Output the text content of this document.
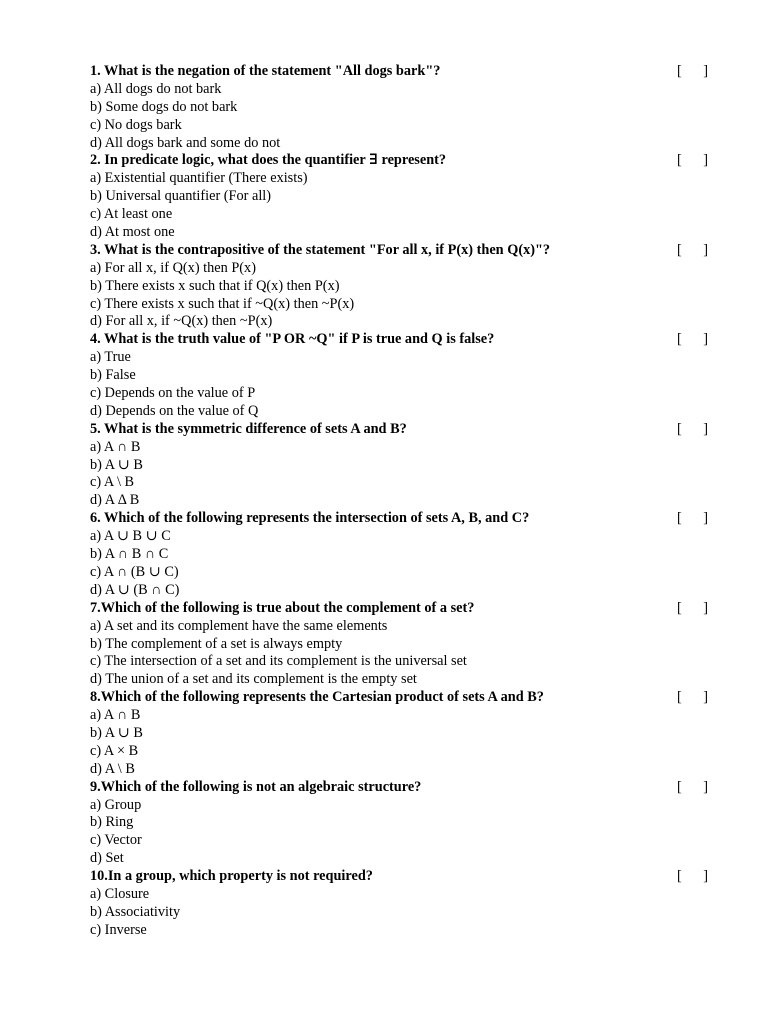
1. What is the negation of the statement "All dogs bark"?	[      ]
a) All dogs do not bark
b) Some dogs do not bark
c) No dogs bark
d) All dogs bark and some do not
2. In predicate logic, what does the quantifier ∃ represent?	[      ]
a) Existential quantifier (There exists)
b) Universal quantifier (For all)
c) At least one
d) At most one
3. What is the contrapositive of the statement "For all x, if P(x) then Q(x)"?	[      ]
a) For all x, if Q(x) then P(x)
b) There exists x such that if Q(x) then P(x)
c) There exists x such that if ~Q(x) then ~P(x)
d) For all x, if ~Q(x) then ~P(x)
4. What is the truth value of "P OR ~Q" if P is true and Q is false?	[      ]
a) True
b) False
c) Depends on the value of P
d) Depends on the value of Q
5. What is the symmetric difference of sets A and B?	[      ]
a) A ∩ B
b) A ∪ B
c) A \ B
d) A Δ B
6. Which of the following represents the intersection of sets A, B, and C?	[      ]
a) A ∪ B ∪ C
b) A ∩ B ∩ C
c) A ∩ (B ∪ C)
d) A ∪ (B ∩ C)
7.Which of the following is true about the complement of a set?	[      ]
a) A set and its complement have the same elements
b) The complement of a set is always empty
c) The intersection of a set and its complement is the universal set
d) The union of a set and its complement is the empty set
8.Which of the following represents the Cartesian product of sets A and B?	[      ]
a) A ∩ B
b) A ∪ B
c) A × B
d) A \ B
9.Which of the following is not an algebraic structure?	[      ]
a) Group
b) Ring
c) Vector
d) Set
10.In a group, which property is not required?	[      ]
a) Closure
b) Associativity
c) Inverse
